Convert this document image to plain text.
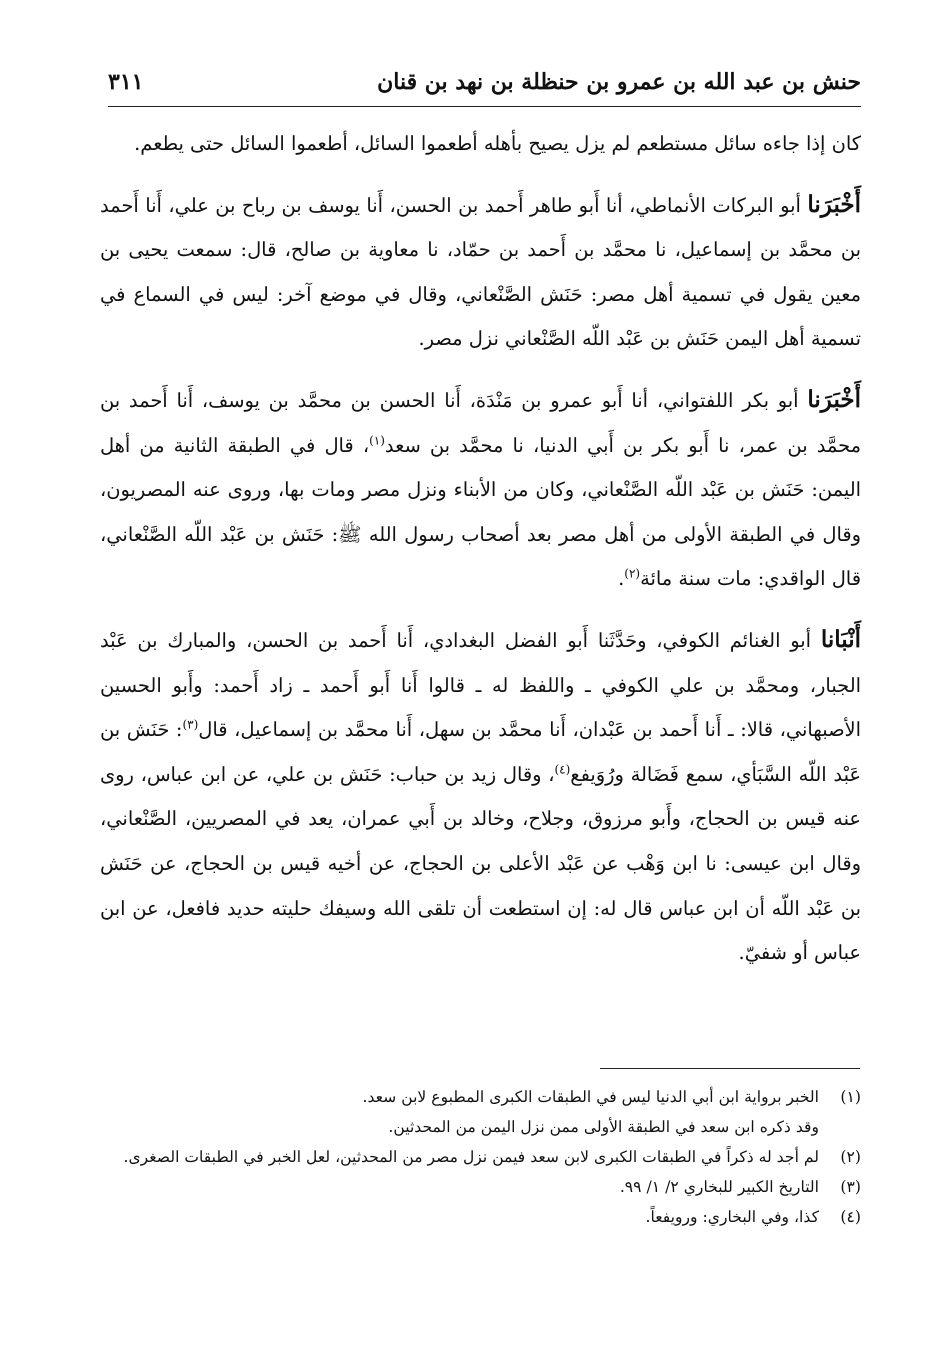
حنش بن عبد الله بن عمرو بن حنظلة بن نهد بن قنان
٣١١

كان إذا جاءه سائل مستطعم لم يزل يصيح بأهله أطعموا السائل، أطعموا السائل حتى يطعم.

أَخْبَرَنا أبو البركات الأنماطي، أنا أَبو طاهر أَحمد بن الحسن، أَنا يوسف بن رباح بن علي، أَنا أَحمد بن محمَّد بن إسماعيل، نا محمَّد بن أَحمد بن حمّاد، نا معاوية بن صالح، قال: سمعت يحيى بن معين يقول في تسمية أهل مصر: حَنَش الصَّنْعاني، وقال في موضع آخر: ليس في السماع في تسمية أهل اليمن حَنَش بن عَبْد اللّه الصَّنْعاني نزل مصر.

أَخْبَرَنا أبو بكر اللفتواني، أنا أَبو عمرو بن مَنْدَة، أَنا الحسن بن محمَّد بن يوسف، أَنا أَحمد بن محمَّد بن عمر، نا أَبو بكر بن أَبي الدنيا، نا محمَّد بن سعد$^{(١)}$، قال في الطبقة الثانية من أهل اليمن: حَنَش بن عَبْد اللّه الصَّنْعاني، وكان من الأبناء ونزل مصر ومات بها، وروى عنه المصريون، وقال في الطبقة الأولى من أهل مصر بعد أصحاب رسول الله ﷺ: حَنَش بن عَبْد اللّه الصَّنْعاني، قال الواقدي: مات سنة مائة$^{(٢)}$.

أَنْبَانا أبو الغنائم الكوفي، وحَدَّثَنا أَبو الفضل البغدادي، أَنا أَحمد بن الحسن، والمبارك بن عَبْد الجبار، ومحمَّد بن علي الكوفي ـ واللفظ له ـ قالوا أَنا أَبو أَحمد ـ زاد أَحمد: وأَبو الحسين الأصبهاني، قالا: ـ أَنا أَحمد بن عَبْدان، أَنا محمَّد بن سهل، أَنا محمَّد بن إسماعيل، قال$^{(٣)}$: حَنَش بن عَبْد اللّه السَّبَأي، سمع فَضَالة ورُوَيفع$^{(٤)}$، وقال زيد بن حباب: حَنَش بن علي، عن ابن عباس، روى عنه قيس بن الحجاج، وأَبو مرزوق، وجلاح، وخالد بن أَبي عمران، يعد في المصريين، الصَّنْعاني، وقال ابن عيسى: نا ابن وَهْب عن عَبْد الأعلى بن الحجاج، عن أخيه قيس بن الحجاج، عن حَنَش بن عَبْد اللّه أن ابن عباس قال له: إن استطعت أن تلقى الله وسيفك حليته حديد فافعل، عن ابن عباس أو شفيّ.

(١)
الخبر برواية ابن أبي الدنيا ليس في الطبقات الكبرى المطبوع لابن سعد.

وقد ذكره ابن سعد في الطبقة الأولى ممن نزل اليمن من المحدثين.

(٢)
لم أجد له ذكراً في الطبقات الكبرى لابن سعد فيمن نزل مصر من المحدثين، لعل الخبر في الطبقات الصغرى.
(٣)
التاريخ الكبير للبخاري ٢/ ١/ ٩٩.
(٤)
كذا، وفي البخاري: ورويفعاً.
